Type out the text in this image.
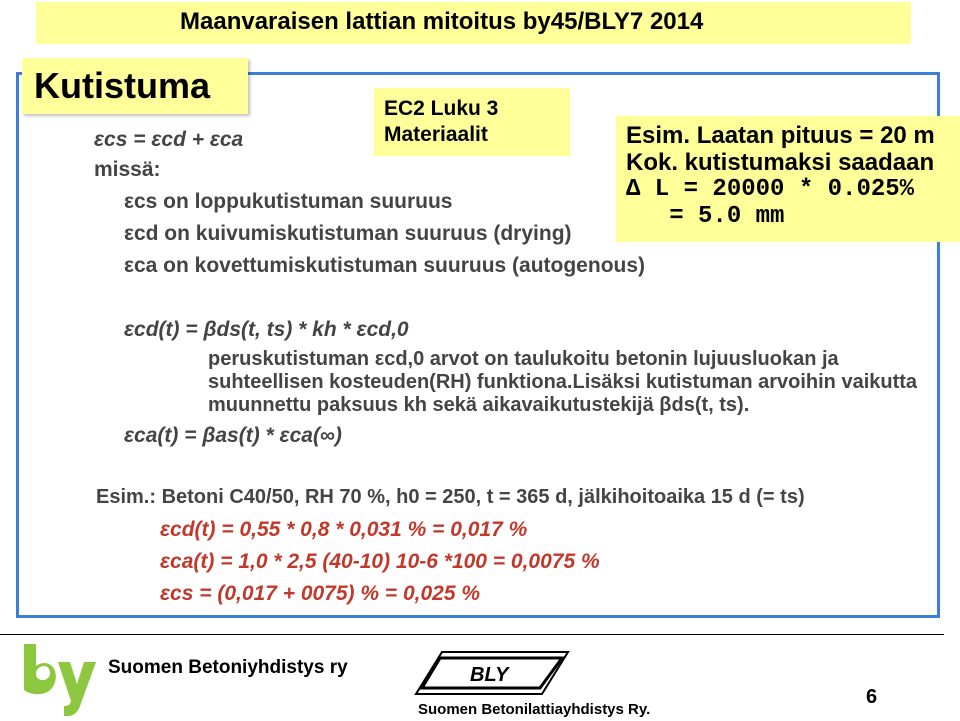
Maanvaraisen lattian mitoitus by45/BLY7 2014
Kutistuma
εcs = εcd + εca
missä:
εcs on loppukutistuman suuruus
εcd on kuivumiskutistuman suuruus (drying)
εca on kovettumiskutistuman suuruus (autogenous)
εcd(t) = βds(t, ts) * kh * εcd,0
peruskutistuman εcd,0 arvot on taulukoitu betonin lujuusluokan ja
suhteellisen kosteuden(RH) funktiona.Lisäksi kutistuman arvoihin vaikutta
muunnettu paksuus kh sekä aikavaikutustekijä βds(t, ts).
εca(t) = βas(t) * εca(∞)
Esim.: Betoni C40/50, RH 70 %, h0 = 250, t = 365 d, jälkihoitoaika 15 d (= ts)
εcd(t) = 0,55 * 0,8 * 0,031 % = 0,017 %
εca(t) = 1,0 * 2,5 (40-10) 10-6 *100 = 0,0075 %
εcs = (0,017 + 0075) % = 0,025 %
EC2 Luku 3
Materiaalit	Esim. Laatan pituus = 20 m
Kok. kutistumaksi saadaan
Δ L = 20000 * 0.025%
= 5.0 mm
Suomen Betoniyhdistys ry	BLY
Suomen Betonilattiayhdistys Ry.
6
